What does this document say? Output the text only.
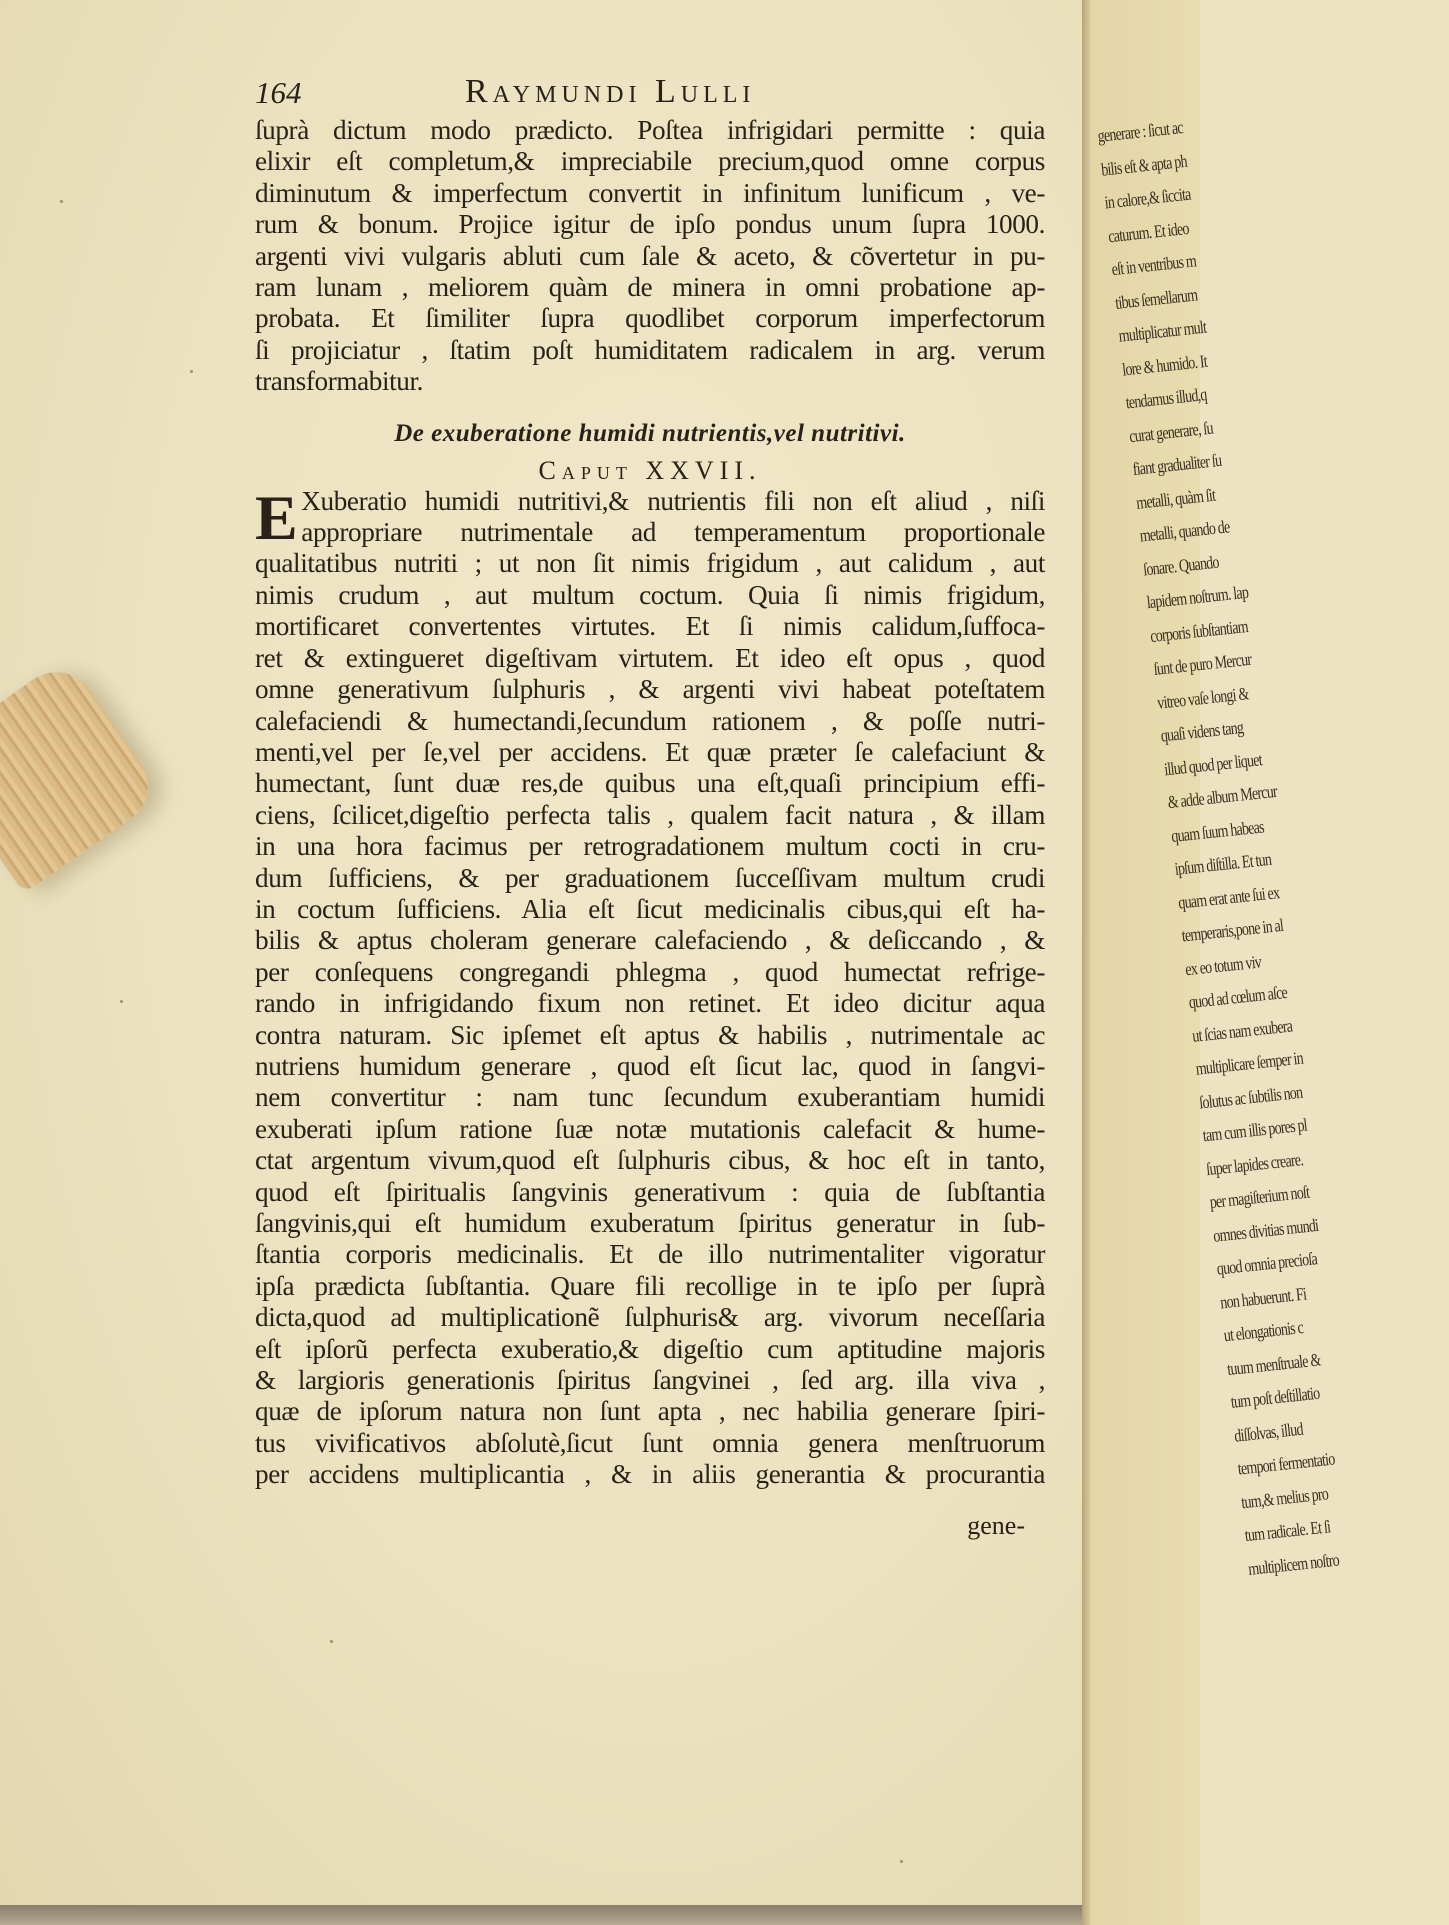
164	Raymundi Lulli

ſuprà dictum modo prædicto. Poſtea infrigidari permitte : quia
elixir eſt completum,& impreciabile precium,quod omne corpus
diminutum & imperfectum convertit in infinitum lunificum , ve-
rum & bonum. Projice igitur de ipſo pondus unum ſupra 1000.
argenti vivi vulgaris abluti cum ſale & aceto, & cõvertetur in pu-
ram lunam , meliorem quàm de minera in omni probatione ap-
probata. Et ſimiliter ſupra quodlibet corporum imperfectorum
ſi projiciatur , ſtatim poſt humiditatem radicalem in arg. verum
transformabitur.

De exuberatione humidi nutrientis,vel nutritivi.
Caput XXVII.

E Xuberatio humidi nutritivi,& nutrientis fili non eſt aliud , niſi
appropriare nutrimentale ad temperamentum proportionale
qualitatibus nutriti ; ut non ſit nimis frigidum , aut calidum , aut
nimis crudum , aut multum coctum. Quia ſi nimis frigidum,
mortificaret convertentes virtutes. Et ſi nimis calidum,ſuffoca-
ret & extingueret digeſtivam virtutem. Et ideo eſt opus , quod
omne generativum ſulphuris , & argenti vivi habeat poteſtatem
calefaciendi & humectandi,ſecundum rationem , & poſſe nutri-
menti,vel per ſe,vel per accidens. Et quæ præter ſe calefaciunt &
humectant, ſunt duæ res,de quibus una eſt,quaſi principium effi-
ciens, ſcilicet,digeſtio perfecta talis , qualem facit natura , & illam
in una hora facimus per retrogradationem multum cocti in cru-
dum ſufficiens, & per graduationem ſucceſſivam multum crudi
in coctum ſufficiens. Alia eſt ſicut medicinalis cibus,qui eſt ha-
bilis & aptus choleram generare calefaciendo , & deſiccando , &
per conſequens congregandi phlegma , quod humectat refrige-
rando in infrigidando fixum non retinet. Et ideo dicitur aqua
contra naturam. Sic ipſemet eſt aptus & habilis , nutrimentale ac
nutriens humidum generare , quod eſt ſicut lac, quod in ſangvi-
nem convertitur : nam tunc ſecundum exuberantiam humidi
exuberati ipſum ratione ſuæ notæ mutationis calefacit & hume-
ctat argentum vivum,quod eſt ſulphuris cibus, & hoc eſt in tanto,
quod eſt ſpiritualis ſangvinis generativum : quia de ſubſtantia
ſangvinis,qui eſt humidum exuberatum ſpiritus generatur in ſub-
ſtantia corporis medicinalis. Et de illo nutrimentaliter vigoratur
ipſa prædicta ſubſtantia. Quare fili recollige in te ipſo per ſuprà
dicta,quod ad multiplicationẽ ſulphuris& arg. vivorum neceſſaria
eſt ipſorũ perfecta exuberatio,& digeſtio cum aptitudine majoris
& largioris generationis ſpiritus ſangvinei , ſed arg. illa viva ,
quæ de ipſorum natura non ſunt apta , nec habilia generare ſpiri-
tus vivificativos abſolutè,ſicut ſunt omnia genera menſtruorum
per accidens multiplicantia , & in aliis generantia & procurantia

gene-
generare : ſicut ac
bilis eſt & apta ph
in calore,& ſiccita
caturum. Et ideo
eſt in ventribus m
tibus ſemellarum
multiplicatur mult
lore & humido. It
tendamus illud,q
curat generare, ſu
fiant gradualiter ſu
metalli, quàm ſit
metalli, quando de
ſonare. Quando
lapidem noſtrum. lap
corporis ſubſtantiam
ſunt de puro Mercur
vitreo vaſe longi &
quaſi videns tang
illud quod per liquet
& adde album Mercur
quam ſuum habeas
ipſum diſtilla. Et tun
quam erat ante ſui ex
temperaris,pone in al
ex eo totum viv
quod ad cœlum aſce
ut ſcias nam exubera
multiplicare ſemper in
ſolutus ac ſubtilis non
tam cum illis pores pl
ſuper lapides creare.
per magiſterium noſt
omnes divitias mundi
quod omnia precioſa
non habuerunt. Fi
ut elongationis c
tuum menſtruale &
tum poſt deſtillatio
diſſolvas, illud
tempori fermentatio
tum,& melius pro
tum radicale. Et ſi
multiplicem noſtro
